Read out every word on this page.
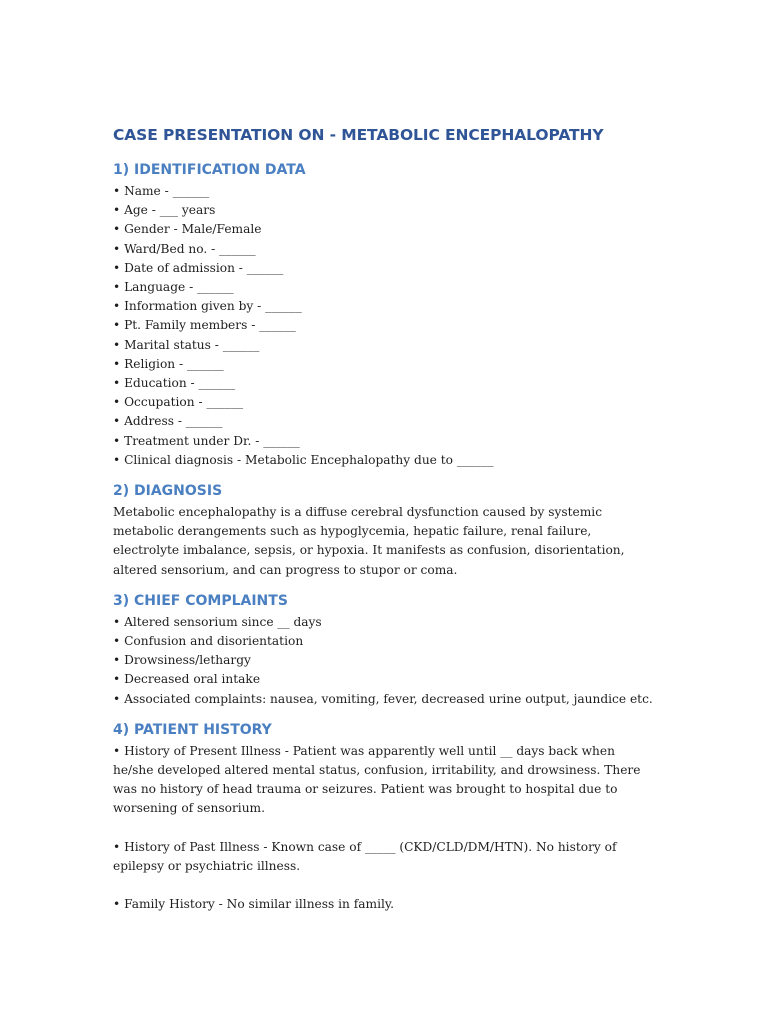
CASE PRESENTATION ON - METABOLIC ENCEPHALOPATHY
1) IDENTIFICATION DATA
• Name - ______
• Age - ___ years
• Gender - Male/Female
• Ward/Bed no. - ______
• Date of admission - ______
• Language - ______
• Information given by - ______
• Pt. Family members - ______
• Marital status - ______
• Religion - ______
• Education - ______
• Occupation - ______
• Address - ______
• Treatment under Dr. - ______
• Clinical diagnosis - Metabolic Encephalopathy due to ______
2) DIAGNOSIS

Metabolic encephalopathy is a diffuse cerebral dysfunction caused by systemic metabolic derangements such as hypoglycemia, hepatic failure, renal failure, electrolyte imbalance, sepsis, or hypoxia. It manifests as confusion, disorientation, altered sensorium, and can progress to stupor or coma.

3) CHIEF COMPLAINTS
• Altered sensorium since __ days
• Confusion and disorientation
• Drowsiness/lethargy
• Decreased oral intake
• Associated complaints: nausea, vomiting, fever, decreased urine output, jaundice etc.
4) PATIENT HISTORY

• History of Present Illness - Patient was apparently well until __ days back when he/she developed altered mental status, confusion, irritability, and drowsiness. There was no history of head trauma or seizures. Patient was brought to hospital due to worsening of sensorium.

• History of Past Illness - Known case of _____ (CKD/CLD/DM/HTN). No history of epilepsy or psychiatric illness.

• Family History - No similar illness in family.
